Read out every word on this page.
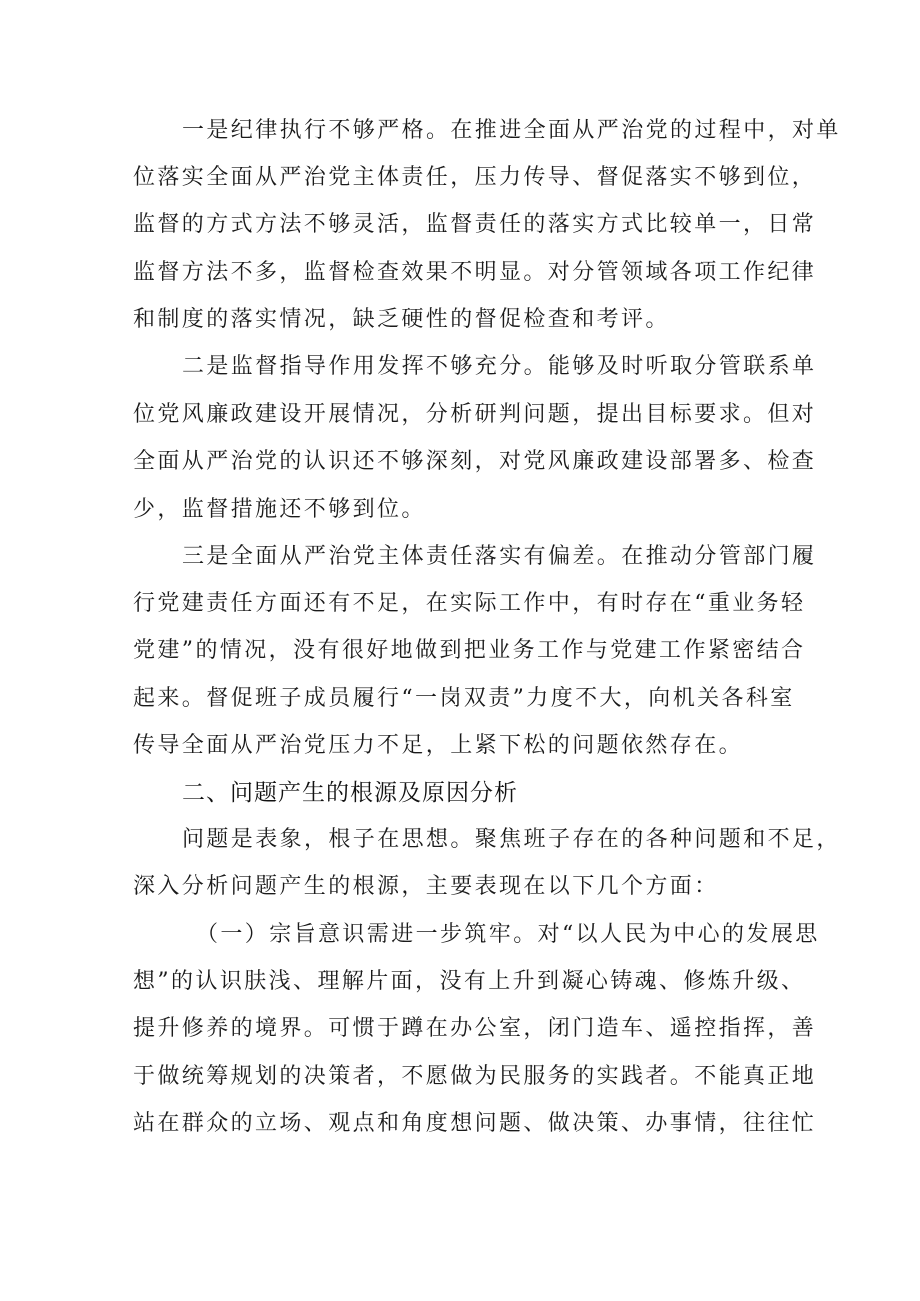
一是纪律执行不够严格。在推进全面从严治党的过程中，对单
位落实全面从严治党主体责任，压力传导、督促落实不够到位，
监督的方式方法不够灵活，监督责任的落实方式比较单一，日常
监督方法不多，监督检查效果不明显。对分管领域各项工作纪律
和制度的落实情况，缺乏硬性的督促检查和考评。
二是监督指导作用发挥不够充分。能够及时听取分管联系单
位党风廉政建设开展情况，分析研判问题，提出目标要求。但对
全面从严治党的认识还不够深刻，对党风廉政建设部署多、检查
少，监督措施还不够到位。
三是全面从严治党主体责任落实有偏差。在推动分管部门履
行党建责任方面还有不足，在实际工作中，有时存在“重业务轻
党建”的情况，没有很好地做到把业务工作与党建工作紧密结合
起来。督促班子成员履行“一岗双责”力度不大，向机关各科室
传导全面从严治党压力不足，上紧下松的问题依然存在。
二、问题产生的根源及原因分析
问题是表象，根子在思想。聚焦班子存在的各种问题和不足，
深入分析问题产生的根源，主要表现在以下几个方面：
（一）宗旨意识需进一步筑牢。对“以人民为中心的发展思
想”的认识肤浅、理解片面，没有上升到凝心铸魂、修炼升级、
提升修养的境界。可惯于蹲在办公室，闭门造车、遥控指挥，善
于做统筹规划的决策者，不愿做为民服务的实践者。不能真正地
站在群众的立场、观点和角度想问题、做决策、办事情，往往忙
